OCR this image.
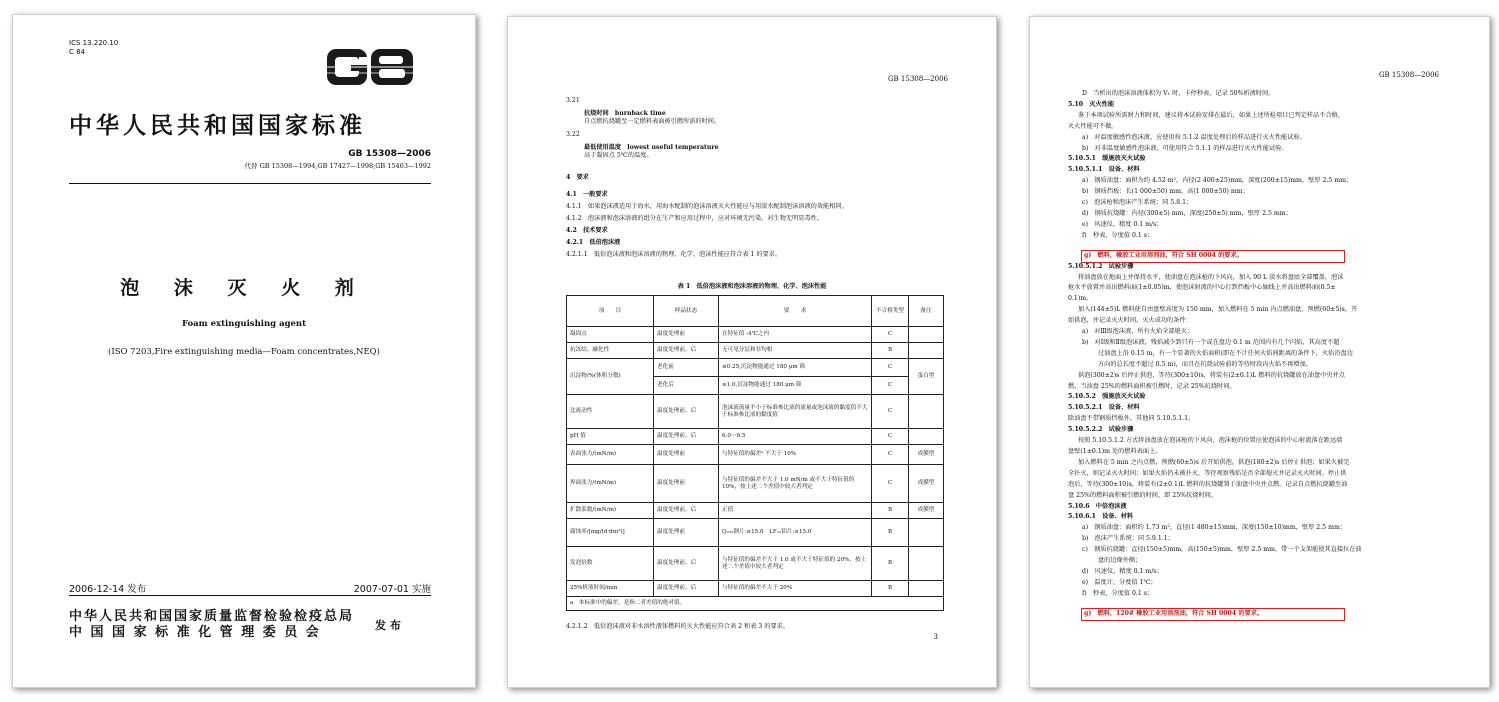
ICS 13.220.10
C 84
中华人民共和国国家标准
GB 15308—2006
代替 GB 15308—1994,GB 17427—1998,GB 15463—1992
泡 沫 灭 火 剂
Foam extinguishing agent
(ISO 7203,Fire extinguishing media—Foam concentrates,NEQ)
2006-12-14 发布	2007-07-01 实施
中华人民共和国国家质量监督检验检疫总局
中 国 国 家 标 准 化 管 理 委 员 会	发 布
GB 15308—2006
3.21
抗烧时间　burnback time
自点燃抗烧罐至一定燃料表面被引燃所需的时间。
3.22
最低使用温度　lowest useful temperature
高于凝固点 5℃的温度。
4　要求
4.1　一般要求
4.1.1　如果泡沫液适用于海水，用海水配制的泡沫溶液灭火性能应与用淡水配制泡沫溶液的效能相同。
4.1.2　泡沫液和泡沫溶液的组分在生产和应用过程中，应对环境无污染，对生物无明显毒性。
4.2　技术要求
4.2.1　低倍泡沫液
4.2.1.1　低倍泡沫液和泡沫溶液的物理、化学、泡沫性能应符合表 1 的要求。
表 1　低倍泡沫液和泡沫溶液的物理、化学、泡沫性能
项　　目	样品状态	要　　求	不合格类型	备注
凝固点	温度处理前	在特征值 -4℃之内	C	
抗冻结、融化性	温度处理前、后	无可见分层和非均相	B	
沉淀物/%(体积分数)	老化前	≤0.25,沉淀物能通过 180 μm 筛	C	蛋白型
	老化后	≤1.0,沉淀物能通过 180 μm 筛	C	
比流动性	温度处理前、后	泡沫液流量不小于标准参比液的流量或泡沫液的黏度值不大于标准参比液的黏度值	C	
pH 值	温度处理前、后	6.0～9.5	C	
表面张力/(mN/m)	温度处理前	与特征值的偏差ᵃ 不大于 10%	C	成膜型
界面张力/(mN/m)	温度处理前	与特征值的偏差不大于 1.0 mN/m 或不大于特征值的 10%，按上述二个差值中较大者判定	C	成膜型
扩散系数/(mN/m)	温度处理前、后	正值	B	成膜型
腐蚀率/[mg/(d·dm²)]	温度处理前	Q₂₃₅钢片:≤15.0　LF₂₁铝片:≤15.0	B	
发泡倍数	温度处理前、后	与特征值的偏差不大于 1.0 或不大于特征值的 20%，按上述二个差值中较大者判定	B	
25%析液时间/min	温度处理前、后	与特征值的偏差不大于 20%	B	
a　本标准中的偏差，是指二者差值的绝对值。				
4.2.1.2　低倍泡沫液对非水溶性液体燃料的灭火性能应符合表 2 和表 3 的要求。
3
GB 15308—2006
D　当析出的泡沫溶液体积为 V₁ 时，卡停秒表，记录 50%析液时间。
5.10　灭火性能
鉴于本项试验所需财力和时间，建议将本试验安排在最后，如果上述所检项目已判定样品不合格，
灭火性能可不做。
a)　对温度敏感性泡沫液，应使用按 5.1.2 温度处理后的样品进行灭火性能试验。
b)　对非温度敏感性泡沫液，可使用符合 5.1.1 的样品进行灭火性能试验。
5.10.5.1　缓施放灭火试验
5.10.5.1.1　设备、材料
a)　钢质油盘：面积为约 4.52 m²，内径(2 400±25)mm，深度(200±15)mm，壁厚 2.5 mm；
b)　钢质挡板：长(1 000±50) mm，高(1 000±50) mm；
c)　泡沫枪和泡沫产生系统：同 5.8.1；
d)　钢质抗烧罐：内径(300±5) mm，深度(250±5) mm，壁厚 2.5 mm；
e)　风速仪，精度 0.1 m/s；
f)　秒表，分度值 0.1 s；
g)　燃料，橡胶工业用溶剂油，符合 SH 0004 的要求。

5.10.5.1.2　试验步骤
将油盘放在地面上并保持水平，使油盘在泡沫枪的下风向，加入 90 L 淡水将盘底全部覆盖。泡沫
枪水平放置并高出燃料面(1±0.05)m，使泡沫射流的中心打到挡板中心轴线上并高出燃料面(0.5±
0.1)m。
加入(144±5)L 燃料使自由盘壁高度为 150 mm，加入燃料在 5 min 内点燃油盘，预燃(60±5)s，开
始供泡，并记录灭火时间。灭火成功的条件：
a)　对Ⅲ级泡沫液，所有火焰全部熄灭；
b)　对Ⅰ级和Ⅱ级泡沫液，残焰减少到只有一个或在盘边 0.1 m 范围内有几个闪焰，其高度不超
过油盘上沿 0.15 m，有一个显著的火焰面积(即在不计任何火焰间距离的条件下，火焰沿盘边
方向的总长度不超过 0.5 m)，而且在抗烧试验前的等待时段内火焰不再增加。
供泡(300±2)s 后停止供泡，等待(300±10)s，将装有(2±0.1)L 燃料的抗烧罐放在油盘中央并点
燃，当油盘 25%的燃料面积被引燃时，记录 25%抗烧时间。
5.10.5.2　强施放灭火试验
5.10.5.2.1　设备、材料
除油盘不带钢质挡板外，其他同 5.10.5.1.1。
5.10.5.2.2　试验步骤
按照 5.10.5.1.2 方式将油盘放在泡沫枪的下风向，泡沫枪的位置应使泡沫的中心射流落在距远端
盘壁(1±0.1)m 处的燃料表面上。
加入燃料在 5 min 之内点燃，预燃(60±5)s 后开始供泡，供泡(180±2)s 后停止供泡；如果火被完
全扑灭，则记录灭火时间；如果火焰仍未被扑灭，等待观察残焰是否全部熄灭并记录灭火时间。停止供
泡后，等待(300±10)s，将装有(2±0.1)L 燃料的抗烧罐置于油盘中央并点燃。记录自点燃抗烧罐至油
盘 25%的燃料面积被引燃的时间，即 25%抗烧时间。
5.10.6　中倍泡沫液
5.10.6.1　设备、材料
a)　钢质油盘：面积约 1.73 m²，直径(1 480±15)mm，深度(150±10)mm，壁厚 2.5 mm；
b)　泡沫产生系统：同 5.9.1.1；
c)　钢质抗烧罐：直径(150±5)mm，高(150±5)mm，壁厚 2.5 mm，带一个支架能使其直接拉在油
盘的边缘外侧；
d)　风速仪，精度 0.1 m/s；
e)　温度计，分度值 1℃；
f)　秒表，分度值 0.1 s；
g)　燃料，120# 橡胶工业用溶剂油，符合 SH 0004 的要求。
